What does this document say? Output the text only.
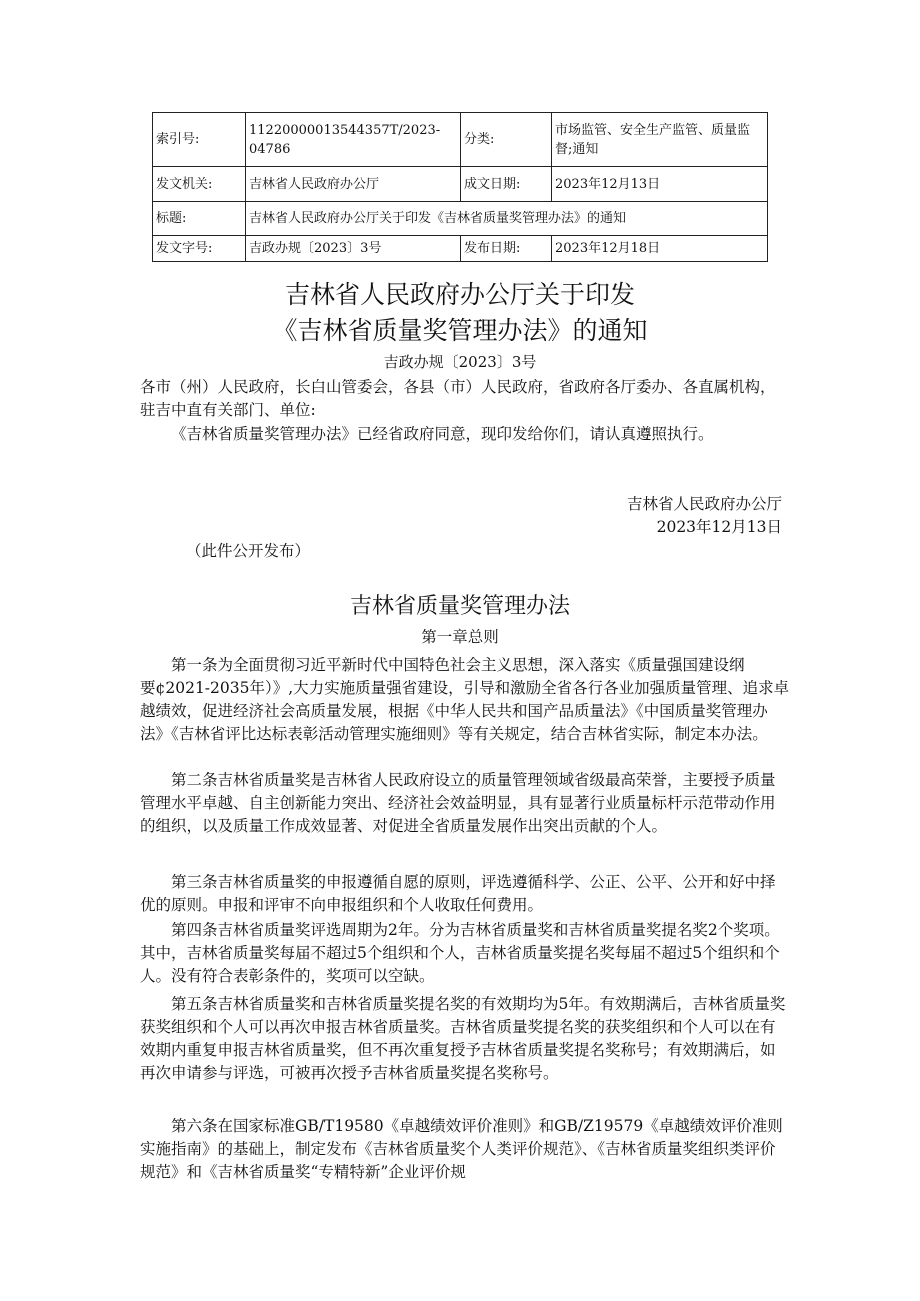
索引号:	11220000013544357T/2023-04786	分类:	市场监管、安全生产监管、质量监督;通知
发文机关:	吉林省人民政府办公厅	成文日期:	2023年12月13日
标题:	吉林省人民政府办公厅关于印发《吉林省质量奖管理办法》的通知		
发文字号:	吉政办规〔2023〕3号	发布日期:	2023年12月18日
吉林省人民政府办公厅关于印发
《吉林省质量奖管理办法》的通知
吉政办规〔2023〕3号

各市（州）人民政府，长白山管委会，各县（市）人民政府，省政府各厅委办、各直属机构，驻吉中直有关部门、单位:

《吉林省质量奖管理办法》已经省政府同意，现印发给你们，请认真遵照执行。

吉林省人民政府办公厅
2023年12月13日
（此件公开发布）
吉林省质量奖管理办法
第一章总则

第一条为全面贯彻习近平新时代中国特色社会主义思想，深入落实《质量强国建设纲要¢2021-2035年）》,大力实施质量强省建设，引导和激励全省各行各业加强质量管理、追求卓越绩效，促进经济社会高质量发展，根据《中华人民共和国产品质量法》《中国质量奖管理办法》《吉林省评比达标表彰活动管理实施细则》等有关规定，结合吉林省实际，制定本办法。

第二条吉林省质量奖是吉林省人民政府设立的质量管理领域省级最高荣誉，主要授予质量管理水平卓越、自主创新能力突出、经济社会效益明显，具有显著行业质量标杆示范带动作用的组织，以及质量工作成效显著、对促进全省质量发展作出突出贡献的个人。

第三条吉林省质量奖的申报遵循自愿的原则，评选遵循科学、公正、公平、公开和好中择优的原则。申报和评审不向申报组织和个人收取任何费用。

第四条吉林省质量奖评选周期为2年。分为吉林省质量奖和吉林省质量奖提名奖2个奖项。其中，吉林省质量奖每届不超过5个组织和个人，吉林省质量奖提名奖每届不超过5个组织和个人。没有符合表彰条件的，奖项可以空缺。

第五条吉林省质量奖和吉林省质量奖提名奖的有效期均为5年。有效期满后，吉林省质量奖获奖组织和个人可以再次申报吉林省质量奖。吉林省质量奖提名奖的获奖组织和个人可以在有效期内重复申报吉林省质量奖，但不再次重复授予吉林省质量奖提名奖称号；有效期满后，如再次申请参与评选，可被再次授予吉林省质量奖提名奖称号。

第六条在国家标准GB/T19580《卓越绩效评价准则》和GB/Z19579《卓越绩效评价准则实施指南》的基础上，制定发布《吉林省质量奖个人类评价规范》、《吉林省质量奖组织类评价规范》和《吉林省质量奖“专精特新”企业评价规
